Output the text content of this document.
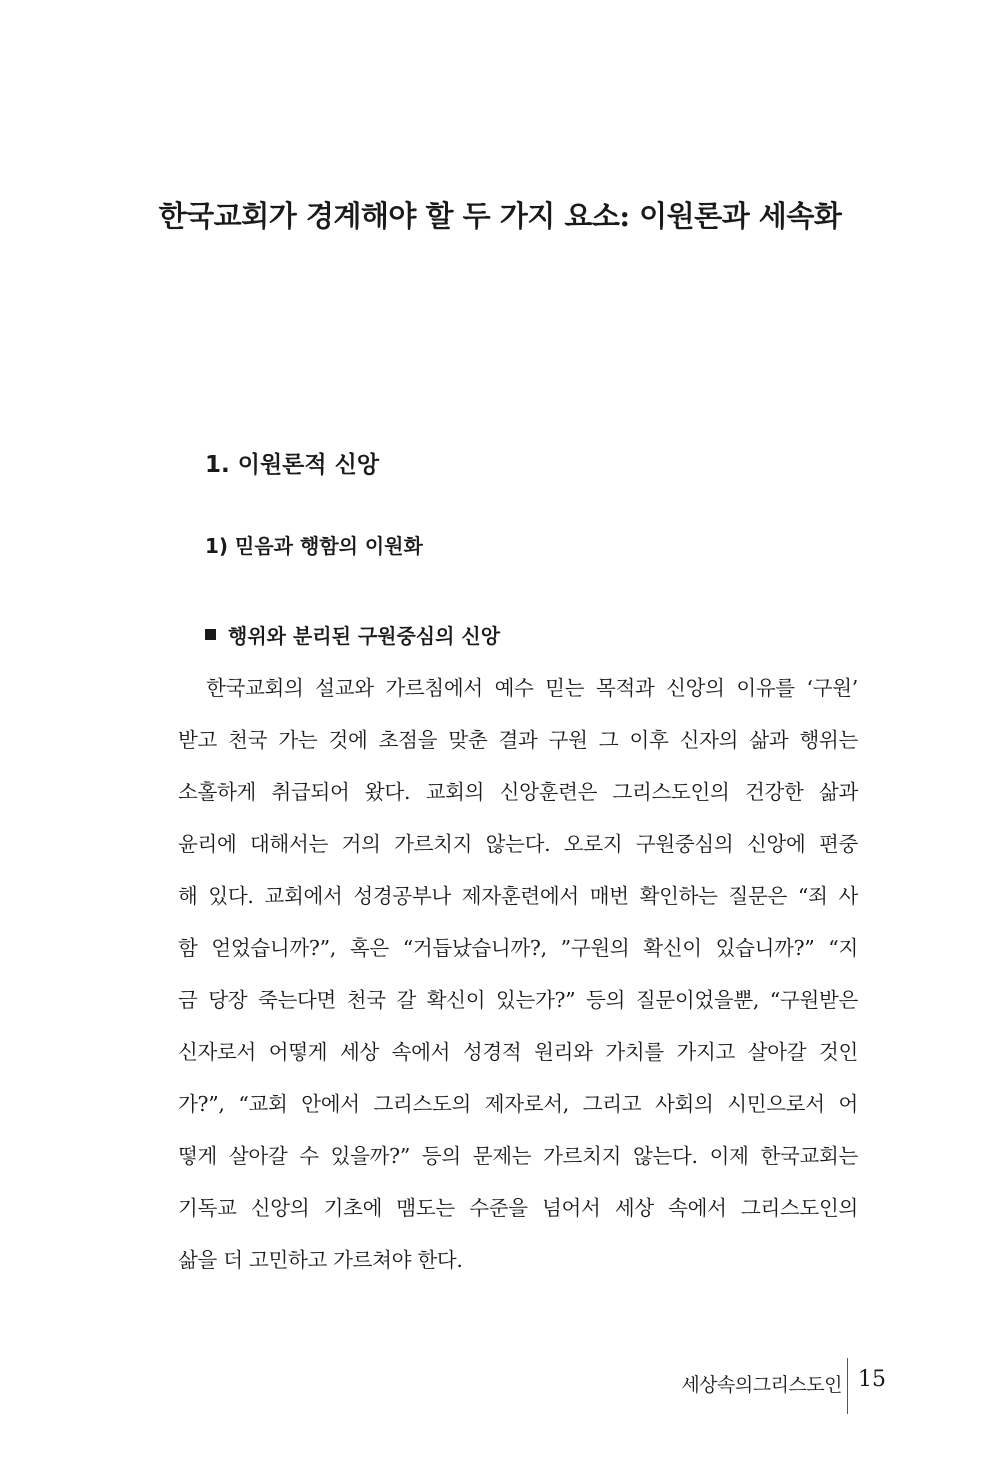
한국교회가 경계해야 할 두 가지 요소: 이원론과 세속화
1. 이원론적 신앙
1) 믿음과 행함의 이원화
행위와 분리된 구원중심의 신앙
한국교회의 설교와 가르침에서 예수 믿는 목적과 신앙의 이유를 ‘구원’
받고 천국 가는 것에 초점을 맞춘 결과 구원 그 이후 신자의 삶과 행위는
소홀하게 취급되어 왔다. 교회의 신앙훈련은 그리스도인의 건강한 삶과
윤리에 대해서는 거의 가르치지 않는다. 오로지 구원중심의 신앙에 편중
해 있다. 교회에서 성경공부나 제자훈련에서 매번 확인하는 질문은 “죄 사
함 얻었습니까?”, 혹은 “거듭났습니까?, ”구원의 확신이 있습니까?” “지
금 당장 죽는다면 천국 갈 확신이 있는가?” 등의 질문이었을뿐, “구원받은
신자로서 어떻게 세상 속에서 성경적 원리와 가치를 가지고 살아갈 것인
가?”, “교회 안에서 그리스도의 제자로서, 그리고 사회의 시민으로서 어
떻게 살아갈 수 있을까?” 등의 문제는 가르치지 않는다. 이제 한국교회는
기독교 신앙의 기초에 맴도는 수준을 넘어서 세상 속에서 그리스도인의
삶을 더 고민하고 가르쳐야 한다.
세상속의그리스도인 15
